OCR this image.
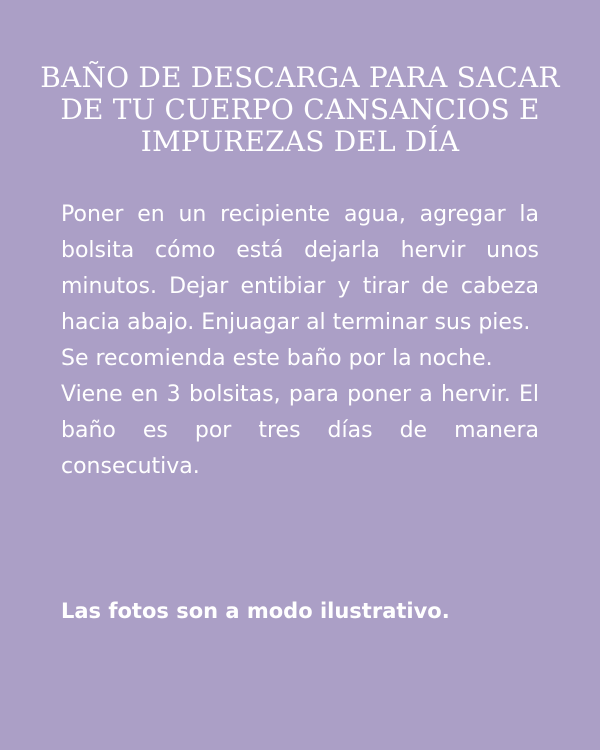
BAÑO DE DESCARGA PARA SACAR DE TU CUERPO CANSANCIOS E IMPUREZAS DEL DÍA

Poner en un recipiente agua, agregar la bolsita cómo está dejarla hervir unos minutos. Dejar entibiar y tirar de cabeza hacia abajo. Enjuagar al terminar sus pies.

Se recomienda este baño por la noche.

Viene en 3 bolsitas, para poner a hervir. El baño es por tres días de manera consecutiva.

Las fotos son a modo ilustrativo.
